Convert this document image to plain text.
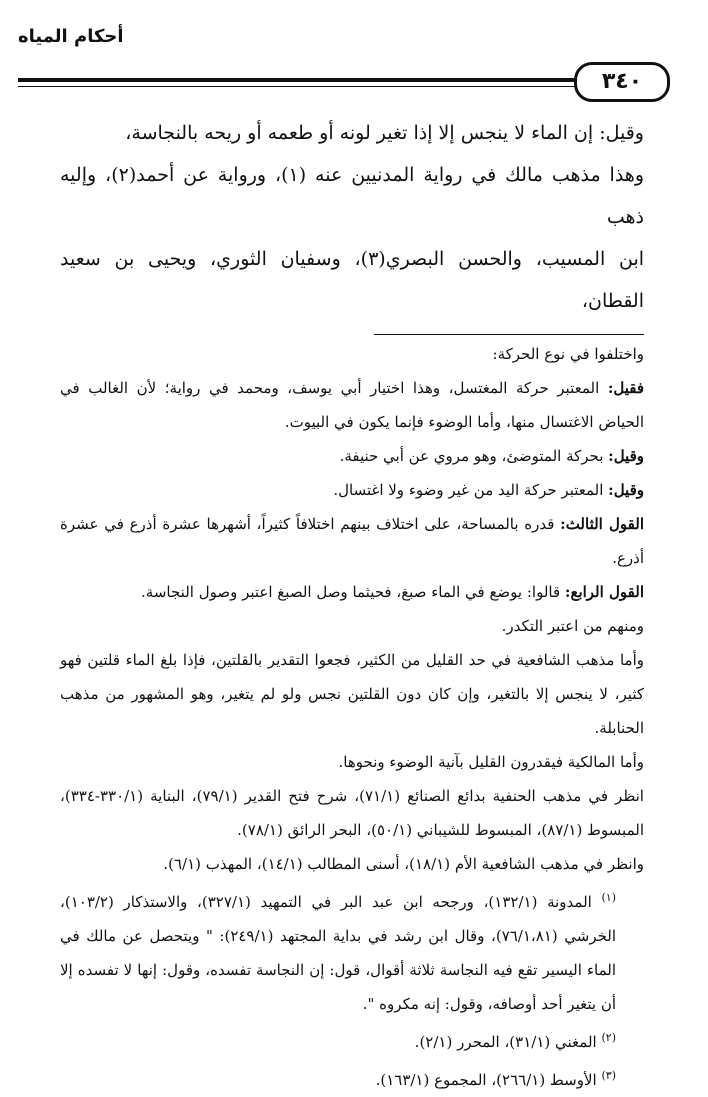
أحكام المياه
٣٤٠

وقيل: إن الماء لا ينجس إلا إذا تغير لونه أو طعمه أو ريحه بالنجاسة،

وهذا مذهب مالك في رواية المدنيين عنه (١)، ورواية عن أحمد(٢)، وإليه ذهب

ابن المسيب، والحسن البصري(٣)، وسفيان الثوري، ويحيى بن سعيد القطان،

واختلفوا في نوع الحركة:

فقيل: المعتبر حركة المغتسل، وهذا اختيار أبي يوسف، ومحمد في رواية؛ لأن الغالب في الحياض الاغتسال منها، وأما الوضوء فإنما يكون في البيوت.

وقيل: بحركة المتوضئ، وهو مروي عن أبي حنيفة.

وقيل: المعتبر حركة اليد من غير وضوء ولا اغتسال.

القول الثالث: قدره بالمساحة، على اختلاف بينهم اختلافاً كثيراً، أشهرها عشرة أذرع في عشرة أذرع.

القول الرابع: قالوا: يوضع في الماء صبغ، فحيثما وصل الصبغ اعتبر وصول النجاسة.

ومنهم من اعتبر التكدر.

وأما مذهب الشافعية في حد القليل من الكثير، فجعوا التقدير بالقلتين، فإذا بلغ الماء قلتين فهو كثير، لا ينجس إلا بالتغير، وإن كان دون القلتين نجس ولو لم يتغير، وهو المشهور من مذهب الحنابلة.

وأما المالكية فيقدرون القليل بآنية الوضوء ونحوها.

انظر في مذهب الحنفية بدائع الصنائع (٧١/١)، شرح فتح القدير (٧٩/١)، البناية (٣٣٠/١-٣٣٤)، المبسوط (٨٧/١)، المبسوط للشيباني (٥٠/١)، البحر الرائق (٧٨/١).

وانظر في مذهب الشافعية الأم (١٨/١)، أسنى المطالب (١٤/١)، المهذب (٦/١).

$^{(١)}$ المدونة (١٣٢/١)، ورجحه ابن عبد البر في التمهيد (٣٢٧/١)، والاستذكار (١٠٣/٢)، الخرشي (٧٦/١،٨١)، وقال ابن رشد في بداية المجتهد (٢٤٩/١): " ويتحصل عن مالك في الماء اليسير تقع فيه النجاسة ثلاثة أقوال، قول: إن النجاسة تفسده، وقول: إنها لا تفسده إلا أن يتغير أحد أوصافه، وقول: إنه مكروه ".

$^{(٢)}$ المغني (٣١/١)، المحرر (٢/١).

$^{(٣)}$ الأوسط (٢٦٦/١)، المجموع (١٦٣/١).
